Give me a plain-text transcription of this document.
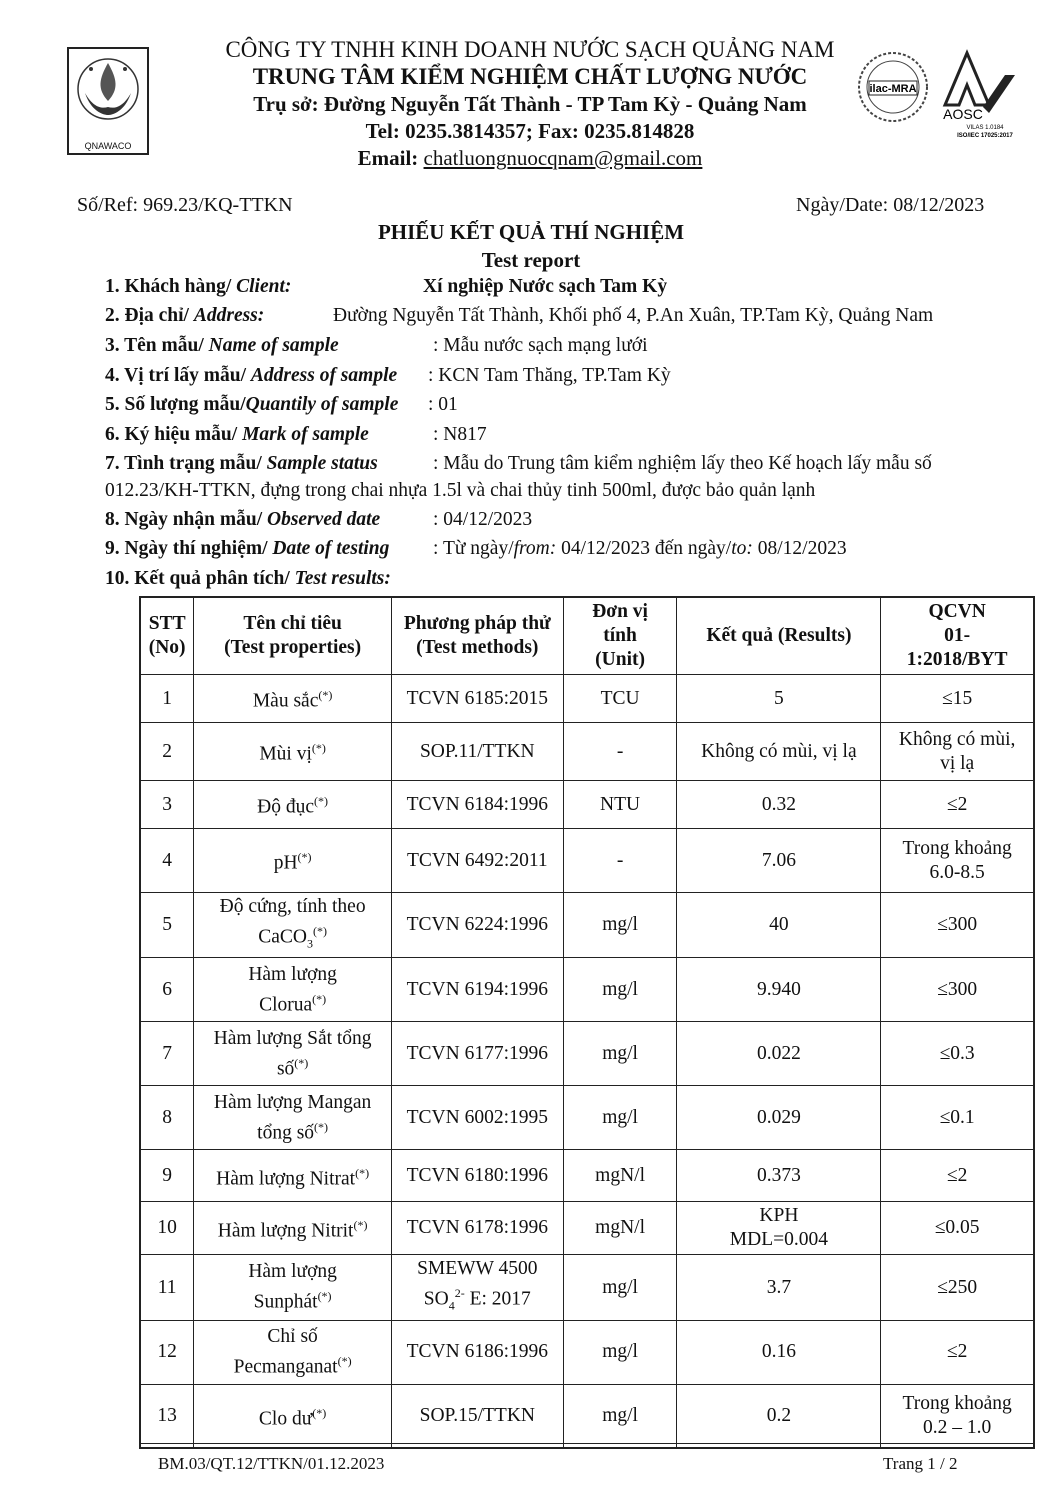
QNAWACO
CÔNG TY TNHH KINH DOANH NƯỚC SẠCH QUẢNG NAM
TRUNG TÂM KIỂM NGHIỆM CHẤT LƯỢNG NƯỚC
Trụ sở: Đường Nguyễn Tất Thành - TP Tam Kỳ - Quảng Nam
Tel: 0235.3814357; Fax: 0235.814828
Email: chatluongnuocqnam@gmail.com
ilac-MRA
AOSC
VILAS 1.0184
ISO/IEC 17025:2017
Số/Ref: 969.23/KQ-TTKN	Ngày/Date: 08/12/2023
PHIẾU KẾT QUẢ THÍ NGHIỆM
Test report
1. Khách hàng/ Client:	Xí nghiệp Nước sạch Tam Kỳ
2. Địa chỉ/ Address:	Đường Nguyễn Tất Thành, Khối phố 4, P.An Xuân, TP.Tam Kỳ, Quảng Nam
3. Tên mẫu/ Name of sample	: Mẫu nước sạch mạng lưới
4. Vị trí lấy mẫu/ Address of sample : KCN Tam Thăng, TP.Tam Kỳ
5. Số lượng mẫu/Quantily of sample : 01
6. Ký hiệu mẫu/ Mark of sample	: N817
7. Tình trạng mẫu/ Sample status	: Mẫu do Trung tâm kiểm nghiệm lấy theo Kế hoạch lấy mẫu số
012.23/KH-TTKN, đựng trong chai nhựa 1.5l và chai thủy tinh 500ml, được bảo quản lạnh
8. Ngày nhận mẫu/ Observed date	: 04/12/2023
9. Ngày thí nghiệm/ Date of testing : Từ ngày/from: 04/12/2023 đến ngày/to: 08/12/2023
10. Kết quả phân tích/ Test results:
STT
(No)	Tên chỉ tiêu
(Test properties)	Phương pháp thử
(Test methods)	Đơn vị
tính
(Unit)	Kết quả (Results)	QCVN
01-
1:2018/BYT
1	Màu sắc(*)	TCVN 6185:2015	TCU	5	≤15
2	Mùi vị(*)	SOP.11/TTKN	-	Không có mùi, vị lạ	Không có mùi,
vị lạ
3	Độ đục(*)	TCVN 6184:1996	NTU	0.32	≤2
4	pH(*)	TCVN 6492:2011	-	7.06	Trong khoảng
6.0-8.5
5	Độ cứng, tính theo
CaCO$_3$(*)	TCVN 6224:1996	mg/l	40	≤300
6	Hàm lượng
Clorua(*)	TCVN 6194:1996	mg/l	9.940	≤300
7	Hàm lượng Sắt tổng
số(*)	TCVN 6177:1996	mg/l	0.022	≤0.3
8	Hàm lượng Mangan
tổng số(*)	TCVN 6002:1995	mg/l	0.029	≤0.1
9	Hàm lượng Nitrat(*)	TCVN 6180:1996	mgN/l	0.373	≤2
10	Hàm lượng Nitrit(*)	TCVN 6178:1996	mgN/l	KPH
MDL=0.004	≤0.05
11	Hàm lượng
Sunphát(*)	SMEWW 4500
$SO_4^{2-}$ E: 2017	mg/l	3.7	≤250
12	Chỉ số
Pecmanganat(*)	TCVN 6186:1996	mg/l	0.16	≤2
13	Clo dư(*)	SOP.15/TTKN	mg/l	0.2	Trong khoảng
0.2 – 1.0
BM.03/QT.12/TTKN/01.12.2023	Trang 1 / 2
